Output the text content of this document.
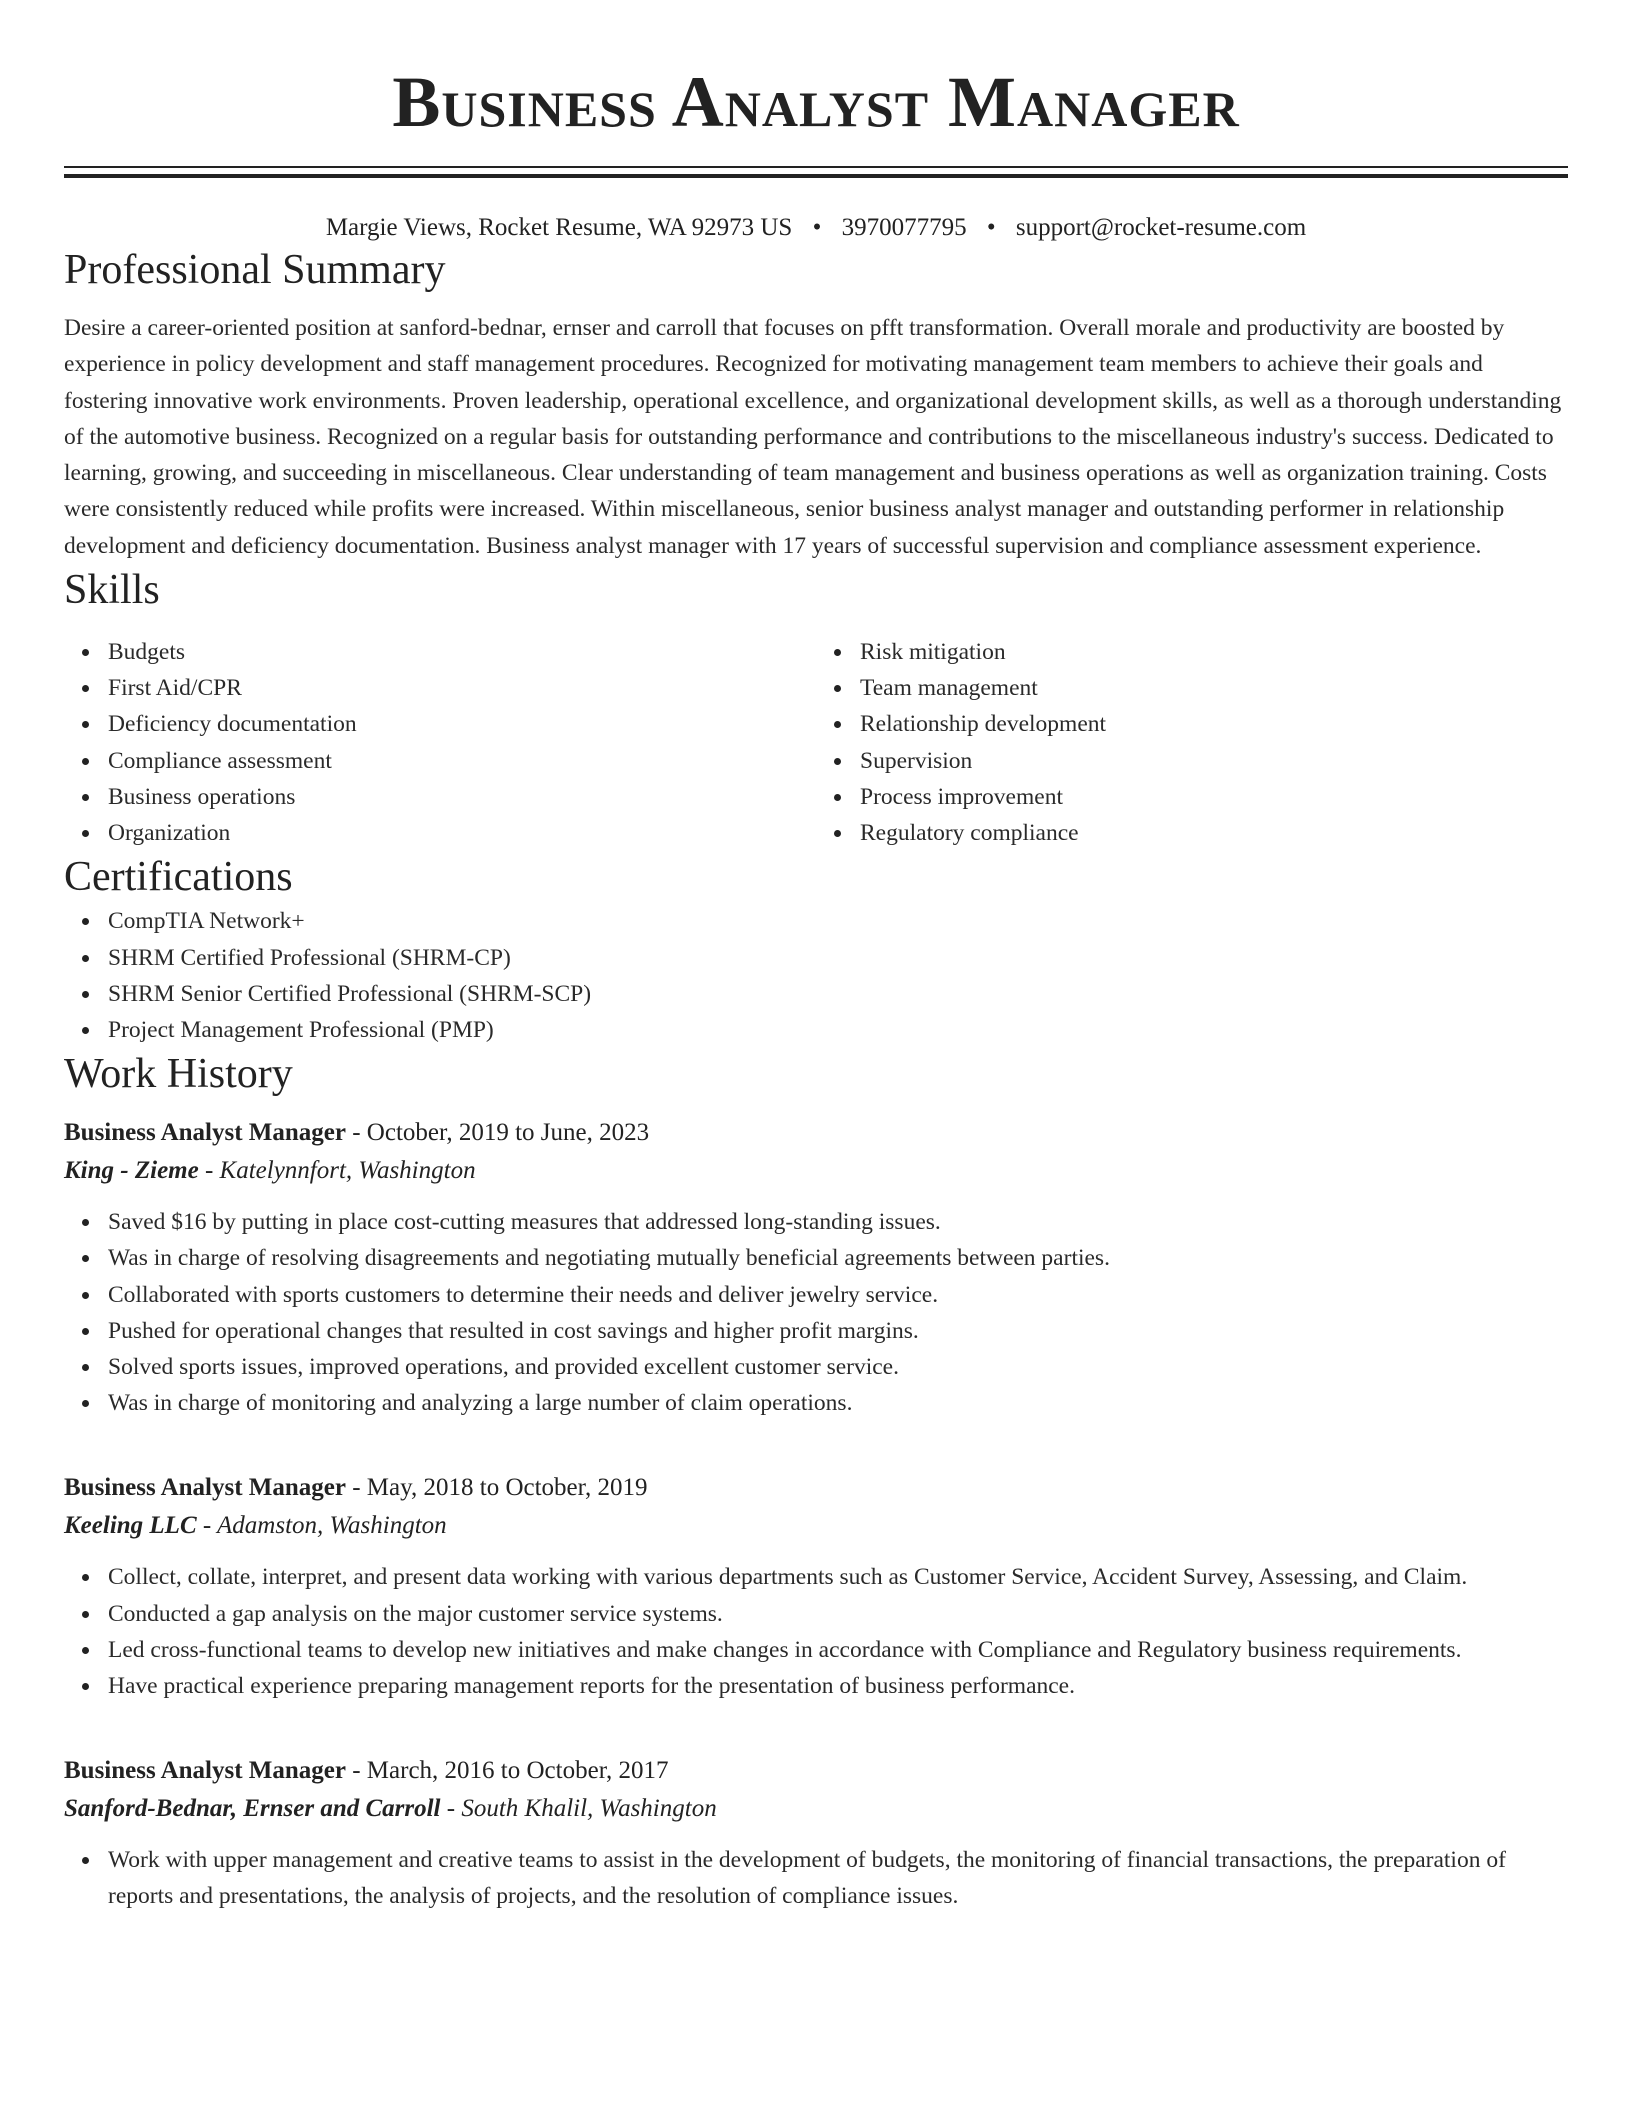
Business Analyst Manager
Margie Views, Rocket Resume, WA 92973 US • 3970077795 • support@rocket-resume.com
Professional Summary
Desire a career-oriented position at sanford-bednar, ernser and carroll that focuses on pfft transformation. Overall morale and productivity are boosted by experience in policy development and staff management procedures. Recognized for motivating management team members to achieve their goals and fostering innovative work environments. Proven leadership, operational excellence, and organizational development skills, as well as a thorough understanding of the automotive business. Recognized on a regular basis for outstanding performance and contributions to the miscellaneous industry's success. Dedicated to learning, growing, and succeeding in miscellaneous. Clear understanding of team management and business operations as well as organization training. Costs were consistently reduced while profits were increased. Within miscellaneous, senior business analyst manager and outstanding performer in relationship development and deficiency documentation. Business analyst manager with 17 years of successful supervision and compliance assessment experience.
Skills
Budgets
First Aid/CPR
Deficiency documentation
Compliance assessment
Business operations
Organization
Risk mitigation
Team management
Relationship development
Supervision
Process improvement
Regulatory compliance
Certifications
CompTIA Network+
SHRM Certified Professional (SHRM-CP)
SHRM Senior Certified Professional (SHRM-SCP)
Project Management Professional (PMP)
Work History
Business Analyst Manager - October, 2019 to June, 2023
King - Zieme - Katelynnfort, Washington
Saved $16 by putting in place cost-cutting measures that addressed long-standing issues.
Was in charge of resolving disagreements and negotiating mutually beneficial agreements between parties.
Collaborated with sports customers to determine their needs and deliver jewelry service.
Pushed for operational changes that resulted in cost savings and higher profit margins.
Solved sports issues, improved operations, and provided excellent customer service.
Was in charge of monitoring and analyzing a large number of claim operations.
Business Analyst Manager - May, 2018 to October, 2019
Keeling LLC - Adamston, Washington
Collect, collate, interpret, and present data working with various departments such as Customer Service, Accident Survey, Assessing, and Claim.
Conducted a gap analysis on the major customer service systems.
Led cross-functional teams to develop new initiatives and make changes in accordance with Compliance and Regulatory business requirements.
Have practical experience preparing management reports for the presentation of business performance.
Business Analyst Manager - March, 2016 to October, 2017
Sanford-Bednar, Ernser and Carroll - South Khalil, Washington
Work with upper management and creative teams to assist in the development of budgets, the monitoring of financial transactions, the preparation of reports and presentations, the analysis of projects, and the resolution of compliance issues.
